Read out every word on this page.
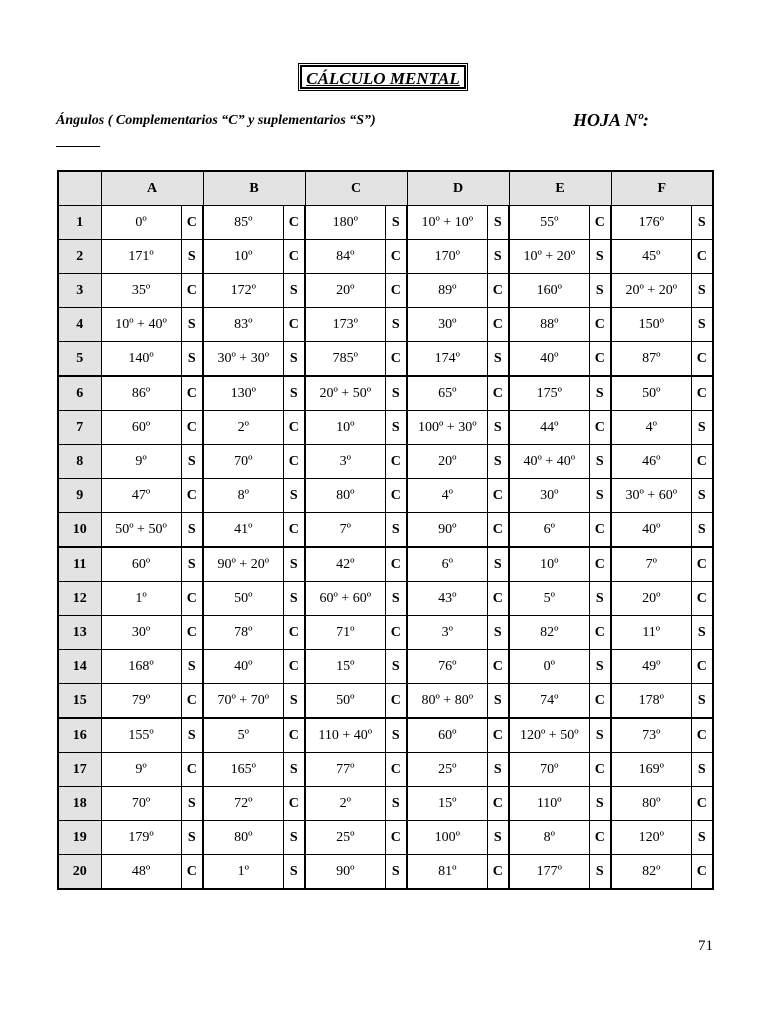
CÁLCULO MENTAL
Ángulos ( Complementarios “C” y suplementarios “S”)	HOJA Nº:
	A		B		C		D		E		F	
1	0º	C	85º	C	180º	S	10º + 10º	S	55º	C	176º	S
2	171º	S	10º	C	84º	C	170º	S	10º + 20º	S	45º	C
3	35º	C	172º	S	20º	C	89º	C	160º	S	20º + 20º	S
4	10º + 40º	S	83º	C	173º	S	30º	C	88º	C	150º	S
5	140º	S	30º + 30º	S	785º	C	174º	S	40º	C	87º	C
6	86º	C	130º	S	20º + 50º	S	65º	C	175º	S	50º	C
7	60º	C	2º	C	10º	S	100º + 30º	S	44º	C	4º	S
8	9º	S	70º	C	3º	C	20º	S	40º + 40º	S	46º	C
9	47º	C	8º	S	80º	C	4º	C	30º	S	30º + 60º	S
10	50º + 50º	S	41º	C	7º	S	90º	C	6º	C	40º	S
11	60º	S	90º + 20º	S	42º	C	6º	S	10º	C	7º	C
12	1º	C	50º	S	60º + 60º	S	43º	C	5º	S	20º	C
13	30º	C	78º	C	71º	C	3º	S	82º	C	11º	S
14	168º	S	40º	C	15º	S	76º	C	0º	S	49º	C
15	79º	C	70º + 70º	S	50º	C	80º + 80º	S	74º	C	178º	S
16	155º	S	5º	C	110 + 40º	S	60º	C	120º + 50º	S	73º	C
17	9º	C	165º	S	77º	C	25º	S	70º	C	169º	S
18	70º	S	72º	C	2º	S	15º	C	110º	S	80º	C
19	179º	S	80º	S	25º	C	100º	S	8º	C	120º	S
20	48º	C	1º	S	90º	S	81º	C	177º	S	82º	C
71
